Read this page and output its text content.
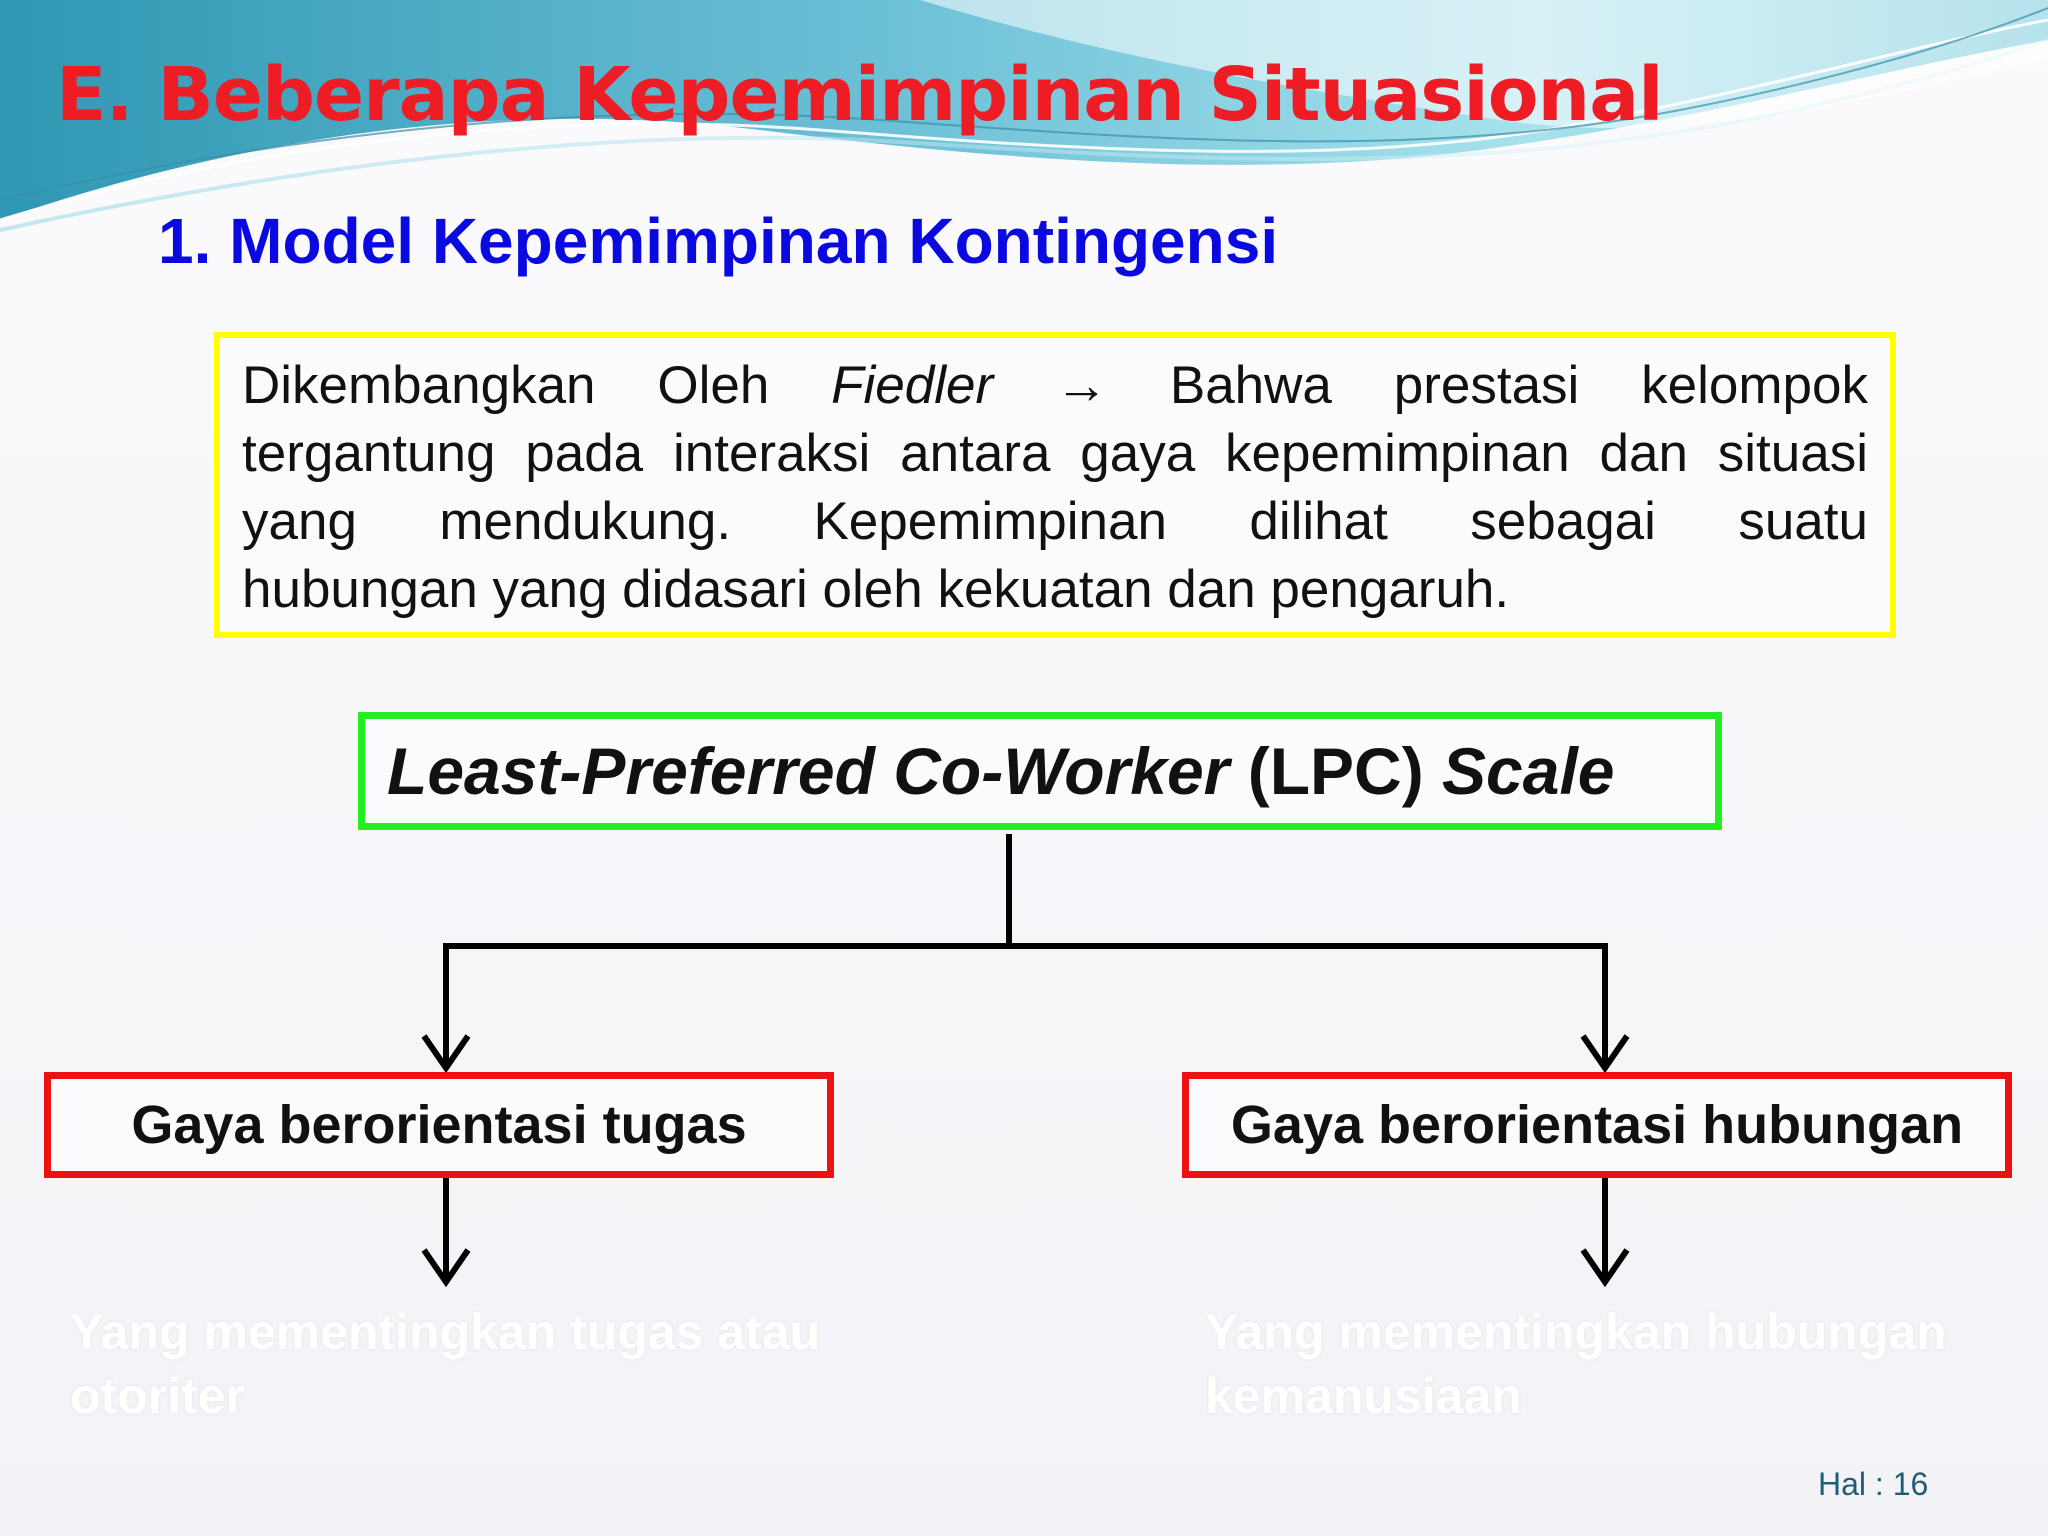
E. Beberapa Kepemimpinan Situasional
1. Model Kepemimpinan Kontingensi

Dikembangkan Oleh Fiedler → Bahwa prestasi kelompok
tergantung pada interaksi antara gaya kepemimpinan dan situasi
yang mendukung. Kepemimpinan dilihat sebagai suatu
hubungan yang didasari oleh kekuatan dan pengaruh.

Least-Preferred Co-Worker (LPC) Scale
Gaya berorientasi tugas	Gaya berorientasi hubungan

Yang mementingkan tugas atau otoriter

Yang mementingkan hubungan kemanusiaan

Hal : 16
